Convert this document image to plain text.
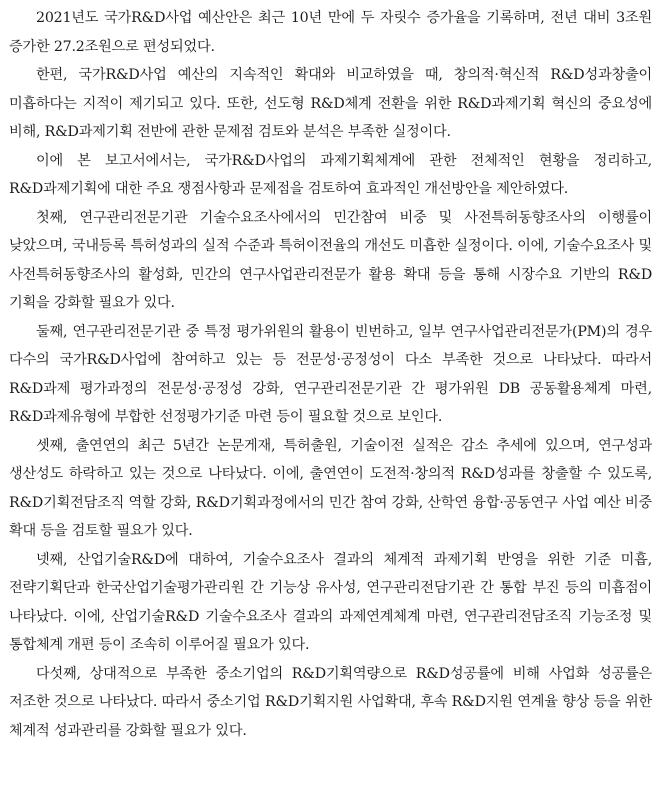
2021년도 국가R&D사업 예산안은 최근 10년 만에 두 자릿수 증가율을 기록하며, 전년 대비 3조원 증가한 27.2조원으로 편성되었다.

한편, 국가R&D사업 예산의 지속적인 확대와 비교하였을 때, 창의적·혁신적 R&D성과창출이 미흡하다는 지적이 제기되고 있다. 또한, 선도형 R&D체계 전환을 위한 R&D과제기획 혁신의 중요성에 비해, R&D과제기획 전반에 관한 문제점 검토와 분석은 부족한 실정이다.

이에 본 보고서에서는, 국가R&D사업의 과제기획체계에 관한 전체적인 현황을 정리하고, R&D과제기획에 대한 주요 쟁점사항과 문제점을 검토하여 효과적인 개선방안을 제안하였다.

첫째, 연구관리전문기관 기술수요조사에서의 민간참여 비중 및 사전특허동향조사의 이행률이 낮았으며, 국내등록 특허성과의 실적 수준과 특허이전율의 개선도 미흡한 실정이다. 이에, 기술수요조사 및 사전특허동향조사의 활성화, 민간의 연구사업관리전문가 활용 확대 등을 통해 시장수요 기반의 R&D 기획을 강화할 필요가 있다.

둘째, 연구관리전문기관 중 특정 평가위원의 활용이 빈번하고, 일부 연구사업관리전문가(PM)의 경우 다수의 국가R&D사업에 참여하고 있는 등 전문성·공정성이 다소 부족한 것으로 나타났다. 따라서 R&D과제 평가과정의 전문성·공정성 강화, 연구관리전문기관 간 평가위원 DB 공동활용체계 마련, R&D과제유형에 부합한 선정평가기준 마련 등이 필요할 것으로 보인다.

셋째, 출연연의 최근 5년간 논문게재, 특허출원, 기술이전 실적은 감소 추세에 있으며, 연구성과 생산성도 하락하고 있는 것으로 나타났다. 이에, 출연연이 도전적·창의적 R&D성과를 창출할 수 있도록, R&D기획전담조직 역할 강화, R&D기획과정에서의 민간 참여 강화, 산학연 융합·공동연구 사업 예산 비중 확대 등을 검토할 필요가 있다.

넷째, 산업기술R&D에 대하여, 기술수요조사 결과의 체계적 과제기획 반영을 위한 기준 미흡, 전략기획단과 한국산업기술평가관리원 간 기능상 유사성, 연구관리전담기관 간 통합 부진 등의 미흡점이 나타났다. 이에, 산업기술R&D 기술수요조사 결과의 과제연계체계 마련, 연구관리전담조직 기능조정 및 통합체계 개편 등이 조속히 이루어질 필요가 있다.

다섯째, 상대적으로 부족한 중소기업의 R&D기획역량으로 R&D성공률에 비해 사업화 성공률은 저조한 것으로 나타났다. 따라서 중소기업 R&D기획지원 사업확대, 후속 R&D지원 연계율 향상 등을 위한 체계적 성과관리를 강화할 필요가 있다.
